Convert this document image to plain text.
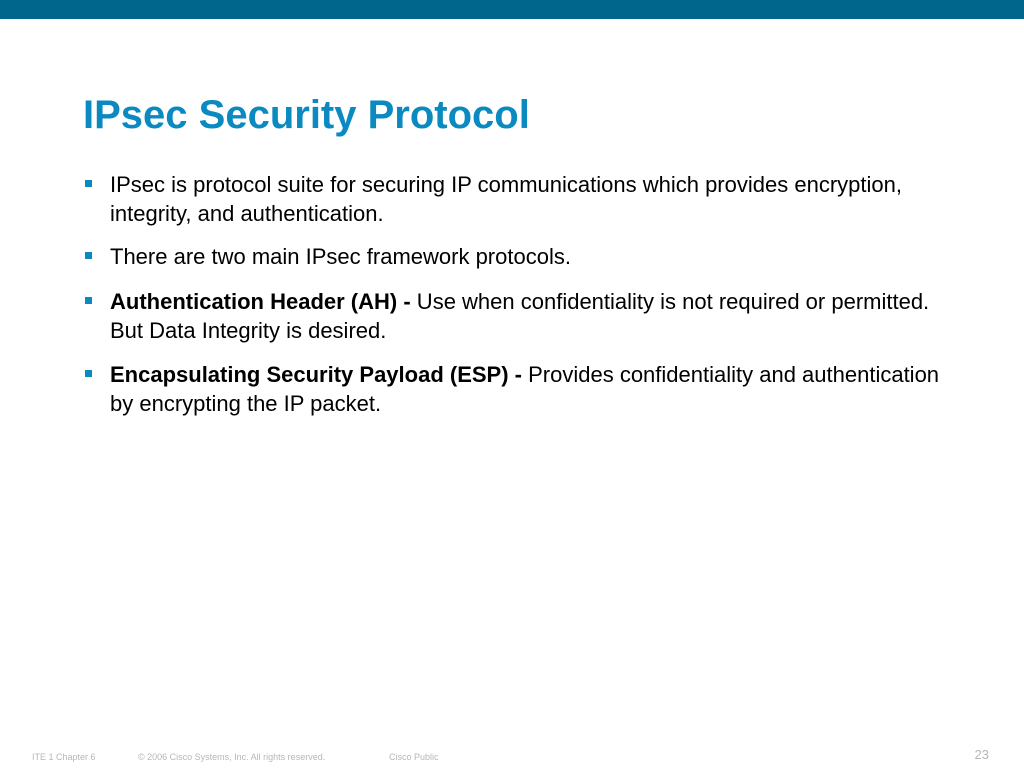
IPsec Security Protocol
IPsec is protocol suite for securing IP communications which provides encryption, integrity, and authentication.
There are two main IPsec framework protocols.
Authentication Header (AH) - Use when confidentiality is not required or permitted. But Data Integrity is desired.
Encapsulating Security Payload (ESP) - Provides confidentiality and authentication by encrypting the IP packet.
ITE 1 Chapter 6	© 2006 Cisco Systems, Inc. All rights reserved.	Cisco Public	23
